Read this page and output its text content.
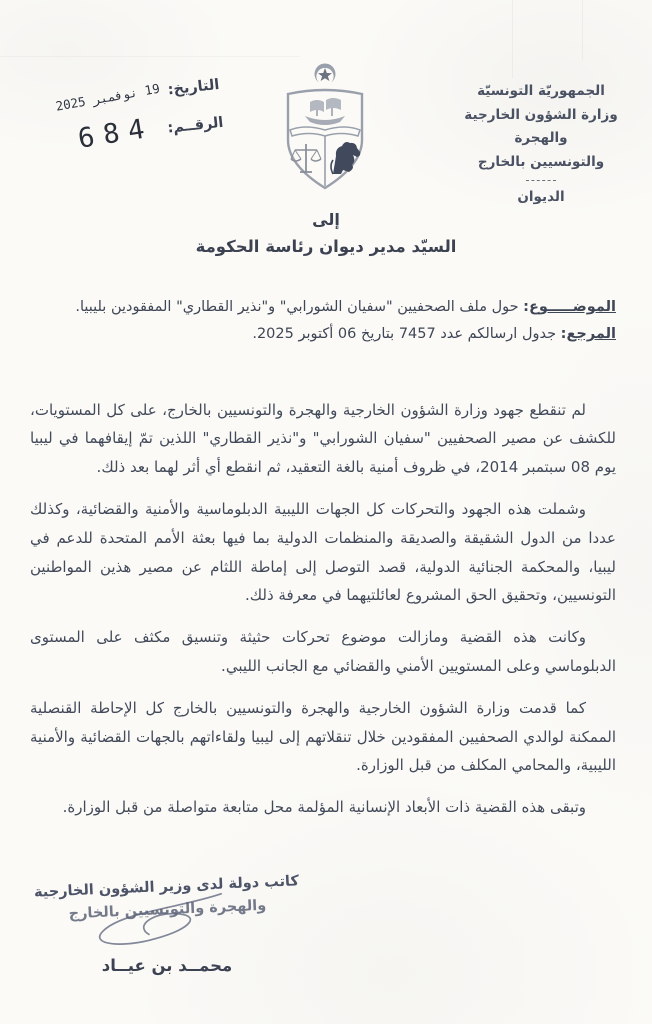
الجمهوريّة التونسيّة
وزارة الشؤون الخارجية والهجرة
والتونسيين بالخارج
الديوان
التاريخ:
19 نوفمبر 2025
الرقــم:
684
إلى
السيّد مدير ديوان رئاسة الحكومة
الموضـــــوع: حول ملف الصحفيين "سفيان الشورابي" و"نذير القطاري" المفقودين بليبيا.
المرجع: جدول ارسالكم عدد 7457 بتاريخ 06 أكتوبر 2025.

لم تنقطع جهود وزارة الشؤون الخارجية والهجرة والتونسيين بالخارج، على كل المستويات، للكشف عن مصير الصحفيين "سفيان الشورابي" و"نذير القطاري" اللذين تمّ إيقافهما في ليبيا يوم 08 سبتمبر 2014، في ظروف أمنية بالغة التعقيد، ثم انقطع أي أثر لهما بعد ذلك.

وشملت هذه الجهود والتحركات كل الجهات الليبية الدبلوماسية والأمنية والقضائية، وكذلك عددا من الدول الشقيقة والصديقة والمنظمات الدولية بما فيها بعثة الأمم المتحدة للدعم في ليبيا، والمحكمة الجنائية الدولية، قصد التوصل إلى إماطة اللثام عن مصير هذين المواطنين التونسيين، وتحقيق الحق المشروع لعائلتيهما في معرفة ذلك.

وكانت هذه القضية ومازالت موضوع تحركات حثيثة وتنسيق مكثف على المستوى الدبلوماسي وعلى المستويين الأمني والقضائي مع الجانب الليبي.

كما قدمت وزارة الشؤون الخارجية والهجرة والتونسيين بالخارج كل الإحاطة القنصلية الممكنة لوالدي الصحفيين المفقودين خلال تنقلاتهم إلى ليبيا ولقاءاتهم بالجهات القضائية والأمنية الليبية، والمحامي المكلف من قبل الوزارة.

وتبقى هذه القضية ذات الأبعاد الإنسانية المؤلمة محل متابعة متواصلة من قبل الوزارة.

كاتب دولة لدى وزير الشؤون الخارجية
والهجرة والتونسيين بالخارج
محمــد بن عيــاد
